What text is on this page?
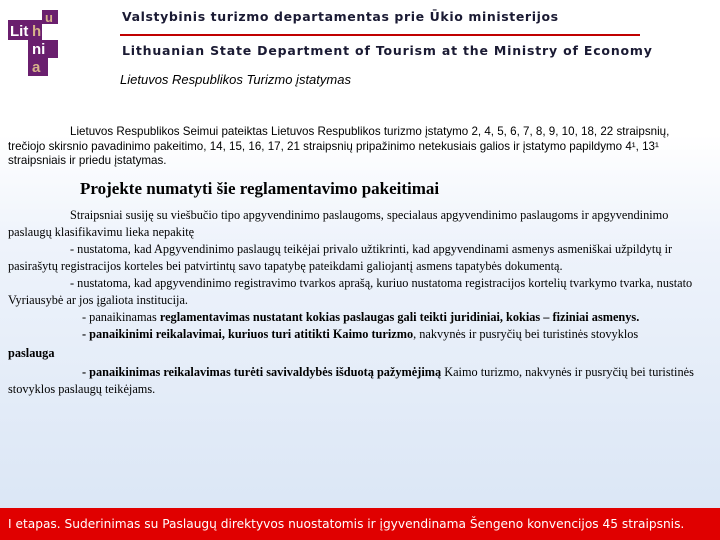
Lit h
u
a
ni
a
Valstybinis turizmo departamentas prie Ūkio ministerijos
Lithuanian State Department of Tourism at the Ministry of Economy
Lietuvos Respublikos Turizmo įstatymas
Lietuvos Respublikos Seimui pateiktas Lietuvos Respublikos turizmo įstatymo 2, 4, 5, 6, 7, 8, 9, 10, 18, 22 straipsnių, trečiojo skirsnio pavadinimo pakeitimo, 14, 15, 16, 17, 21 straipsnių pripažinimo netekusiais galios ir įstatymo papildymo 4¹, 13¹ straipsniais ir priedu įstatymas.
Projekte numatyti šie reglamentavimo pakeitimai

Straipsniai susiję su viešbučio tipo apgyvendinimo paslaugoms, specialaus apgyvendinimo paslaugoms ir apgyvendinimo paslaugų klasifikavimu lieka nepakitę

- nustatoma, kad Apgyvendinimo paslaugų teikėjai privalo užtikrinti, kad apgyvendinami asmenys asmeniškai užpildytų ir pasirašytų registracijos korteles bei patvirtintų savo tapatybę pateikdami galiojantį asmens tapatybės dokumentą.

- nustatoma, kad apgyvendinimo registravimo tvarkos aprašą, kuriuo nustatoma registracijos kortelių tvarkymo tvarka, nustato Vyriausybė ar jos įgaliota institucija.

- panaikinamas reglamentavimas nustatant kokias paslaugas gali teikti juridiniai, kokias – fiziniai asmenys.

- panaikinimi reikalavimai, kuriuos turi atitikti Kaimo turizmo, nakvynės ir pusryčių bei turistinės stovyklos

paslauga

- panaikinimas reikalavimas turėti savivaldybės išduotą pažymėjimą Kaimo turizmo, nakvynės ir pusryčių bei turistinės stovyklos paslaugų teikėjams.

I etapas. Suderinimas su Paslaugų direktyvos nuostatomis ir įgyvendinama Šengeno konvencijos 45 straipsnis.
